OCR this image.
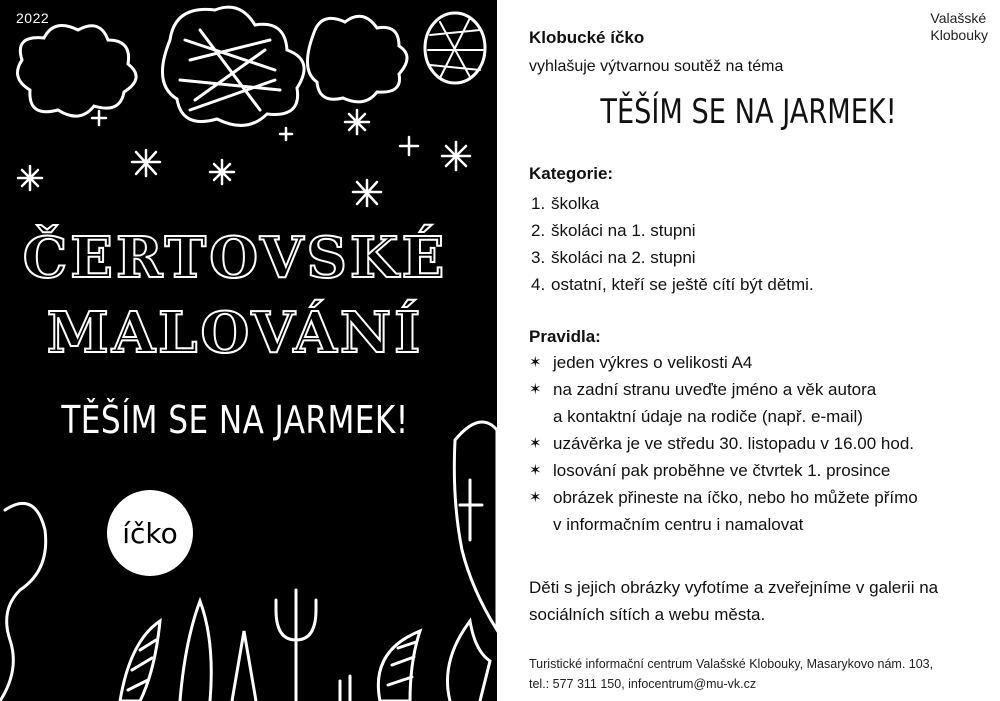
2022
ČERTOVSKÉ
MALOVÁNÍ
TĚŠÍM SE NA JARMEK!
íčko
Valašské
Klobouky
Klobucké íčko
vyhlašuje výtvarnou soutěž na téma
TĚŠÍM SE NA JARMEK!
Kategorie:
1. školka
2. školáci na 1. stupni
3. školáci na 2. stupni
4. ostatní, kteří se ještě cítí být dětmi.
Pravidla:
✶ jeden výkres o velikosti A4
✶ na zadní stranu uveďte jméno a věk autora
a kontaktní údaje na rodiče (např. e-mail)
✶ uzávěrka je ve středu 30. listopadu v 16.00 hod.
✶ losování pak proběhne ve čtvrtek 1. prosince
✶ obrázek přineste na íčko, nebo ho můžete přímo
v informačním centru i namalovat
Děti s jejich obrázky vyfotíme a zveřejníme v galerii na sociálních sítích a webu města.
Turistické informační centrum Valašské Klobouky, Masarykovo nám. 103,
tel.: 577 311 150, infocentrum@mu-vk.cz
